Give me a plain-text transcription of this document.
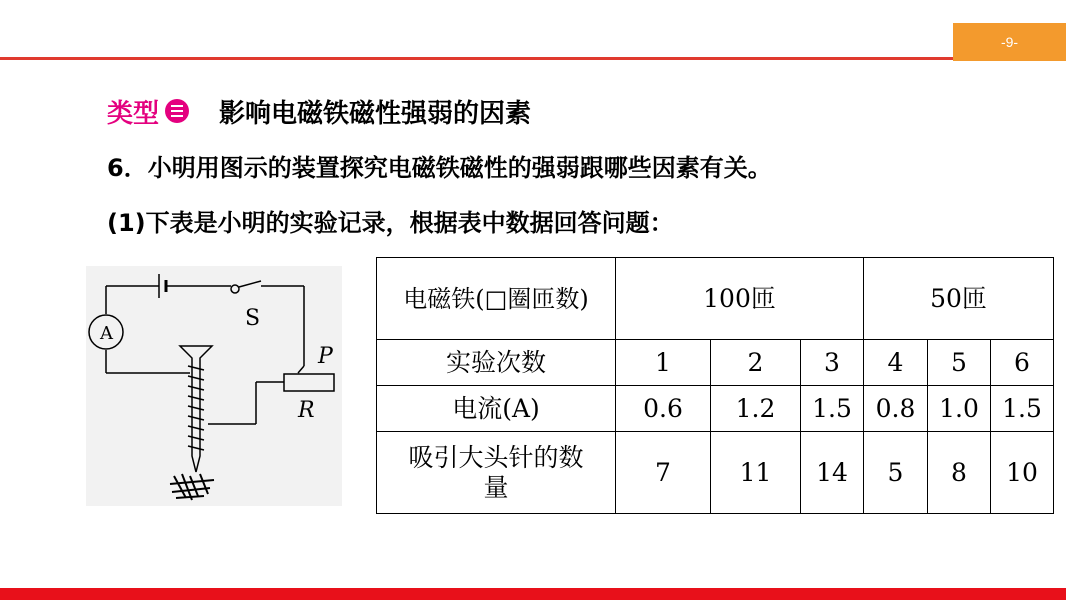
-9-
类型 影响电磁铁磁性强弱的因素
6．小明用图示的装置探究电磁铁磁性的强弱跟哪些因素有关。
(1)下表是小明的实验记录，根据表中数据回答问题：
A
S
P
R
电磁铁(□圈匝数)	100匝			50匝		
实验次数	1	2	3	4	5	6
电流(A)	0.6	1.2	1.5	0.8	1.0	1.5
吸引大头针的数量	7	11	14	5	8	10
